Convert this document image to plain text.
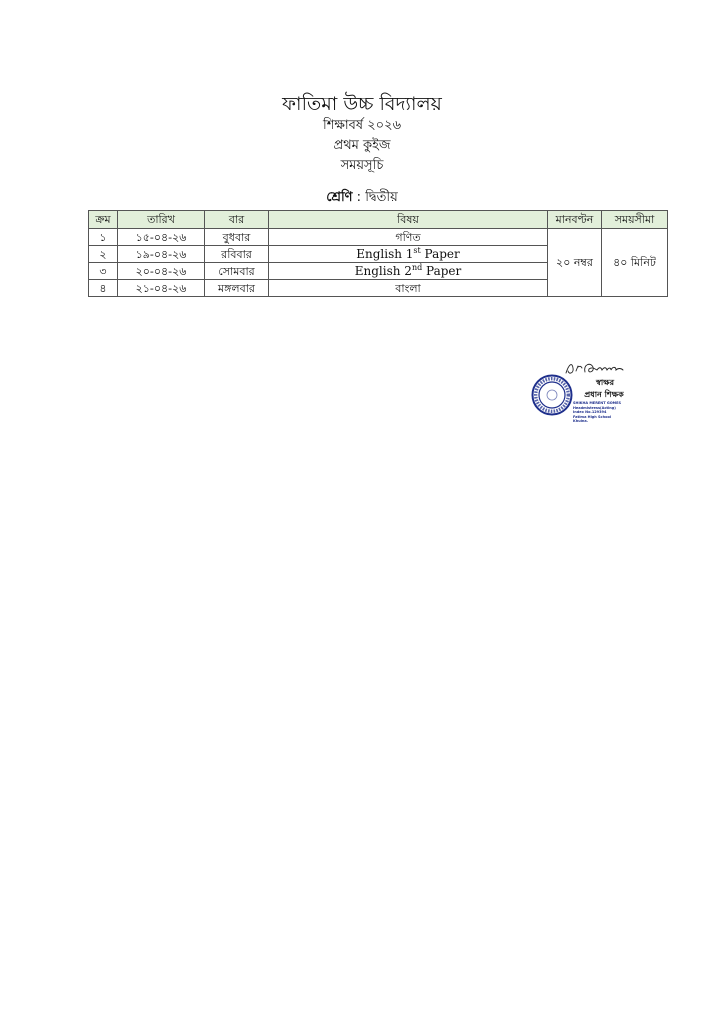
ফাতিমা উচ্চ বিদ্যালয়
শিক্ষাবর্ষ ২০২৬
প্রথম কুইজ
সময়সূচি
শ্রেণি : দ্বিতীয়
ক্রম	তারিখ	বার	বিষয়	মানবণ্টন	সময়সীমা
১	১৫-০৪-২৬	বুধবার	গণিত	২০ নম্বর	৪০ মিনিট
২	১৯-০৪-২৬	রবিবার	English 1st Paper		
৩	২০-০৪-২৬	সোমবার	English 2nd Paper		
৪	২১-০৪-২৬	মঙ্গলবার	বাংলা		
স্বাক্ষর
প্রধান শিক্ষক
SHIKHA MERENT GOMES
Headmistress(Acting)
Index No.129394
Fatima High School
Khulna.
